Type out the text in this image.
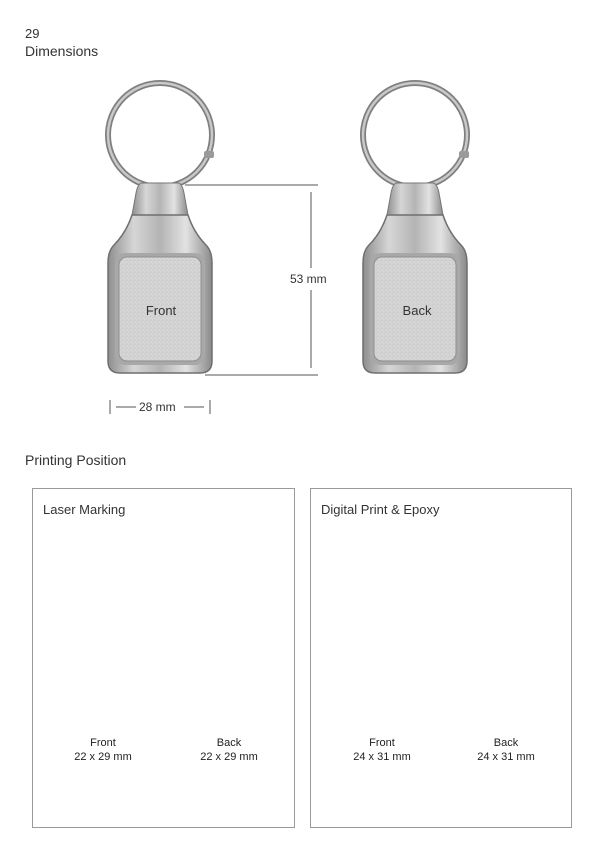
29
Dimensions
Front	Back
53 mm
28 mm
Printing Position
Laser Marking	Digital Print & Epoxy
Front
22 x 29 mm
Back
22 x 29 mm
Front
24 x 31 mm
Back
24 x 31 mm
